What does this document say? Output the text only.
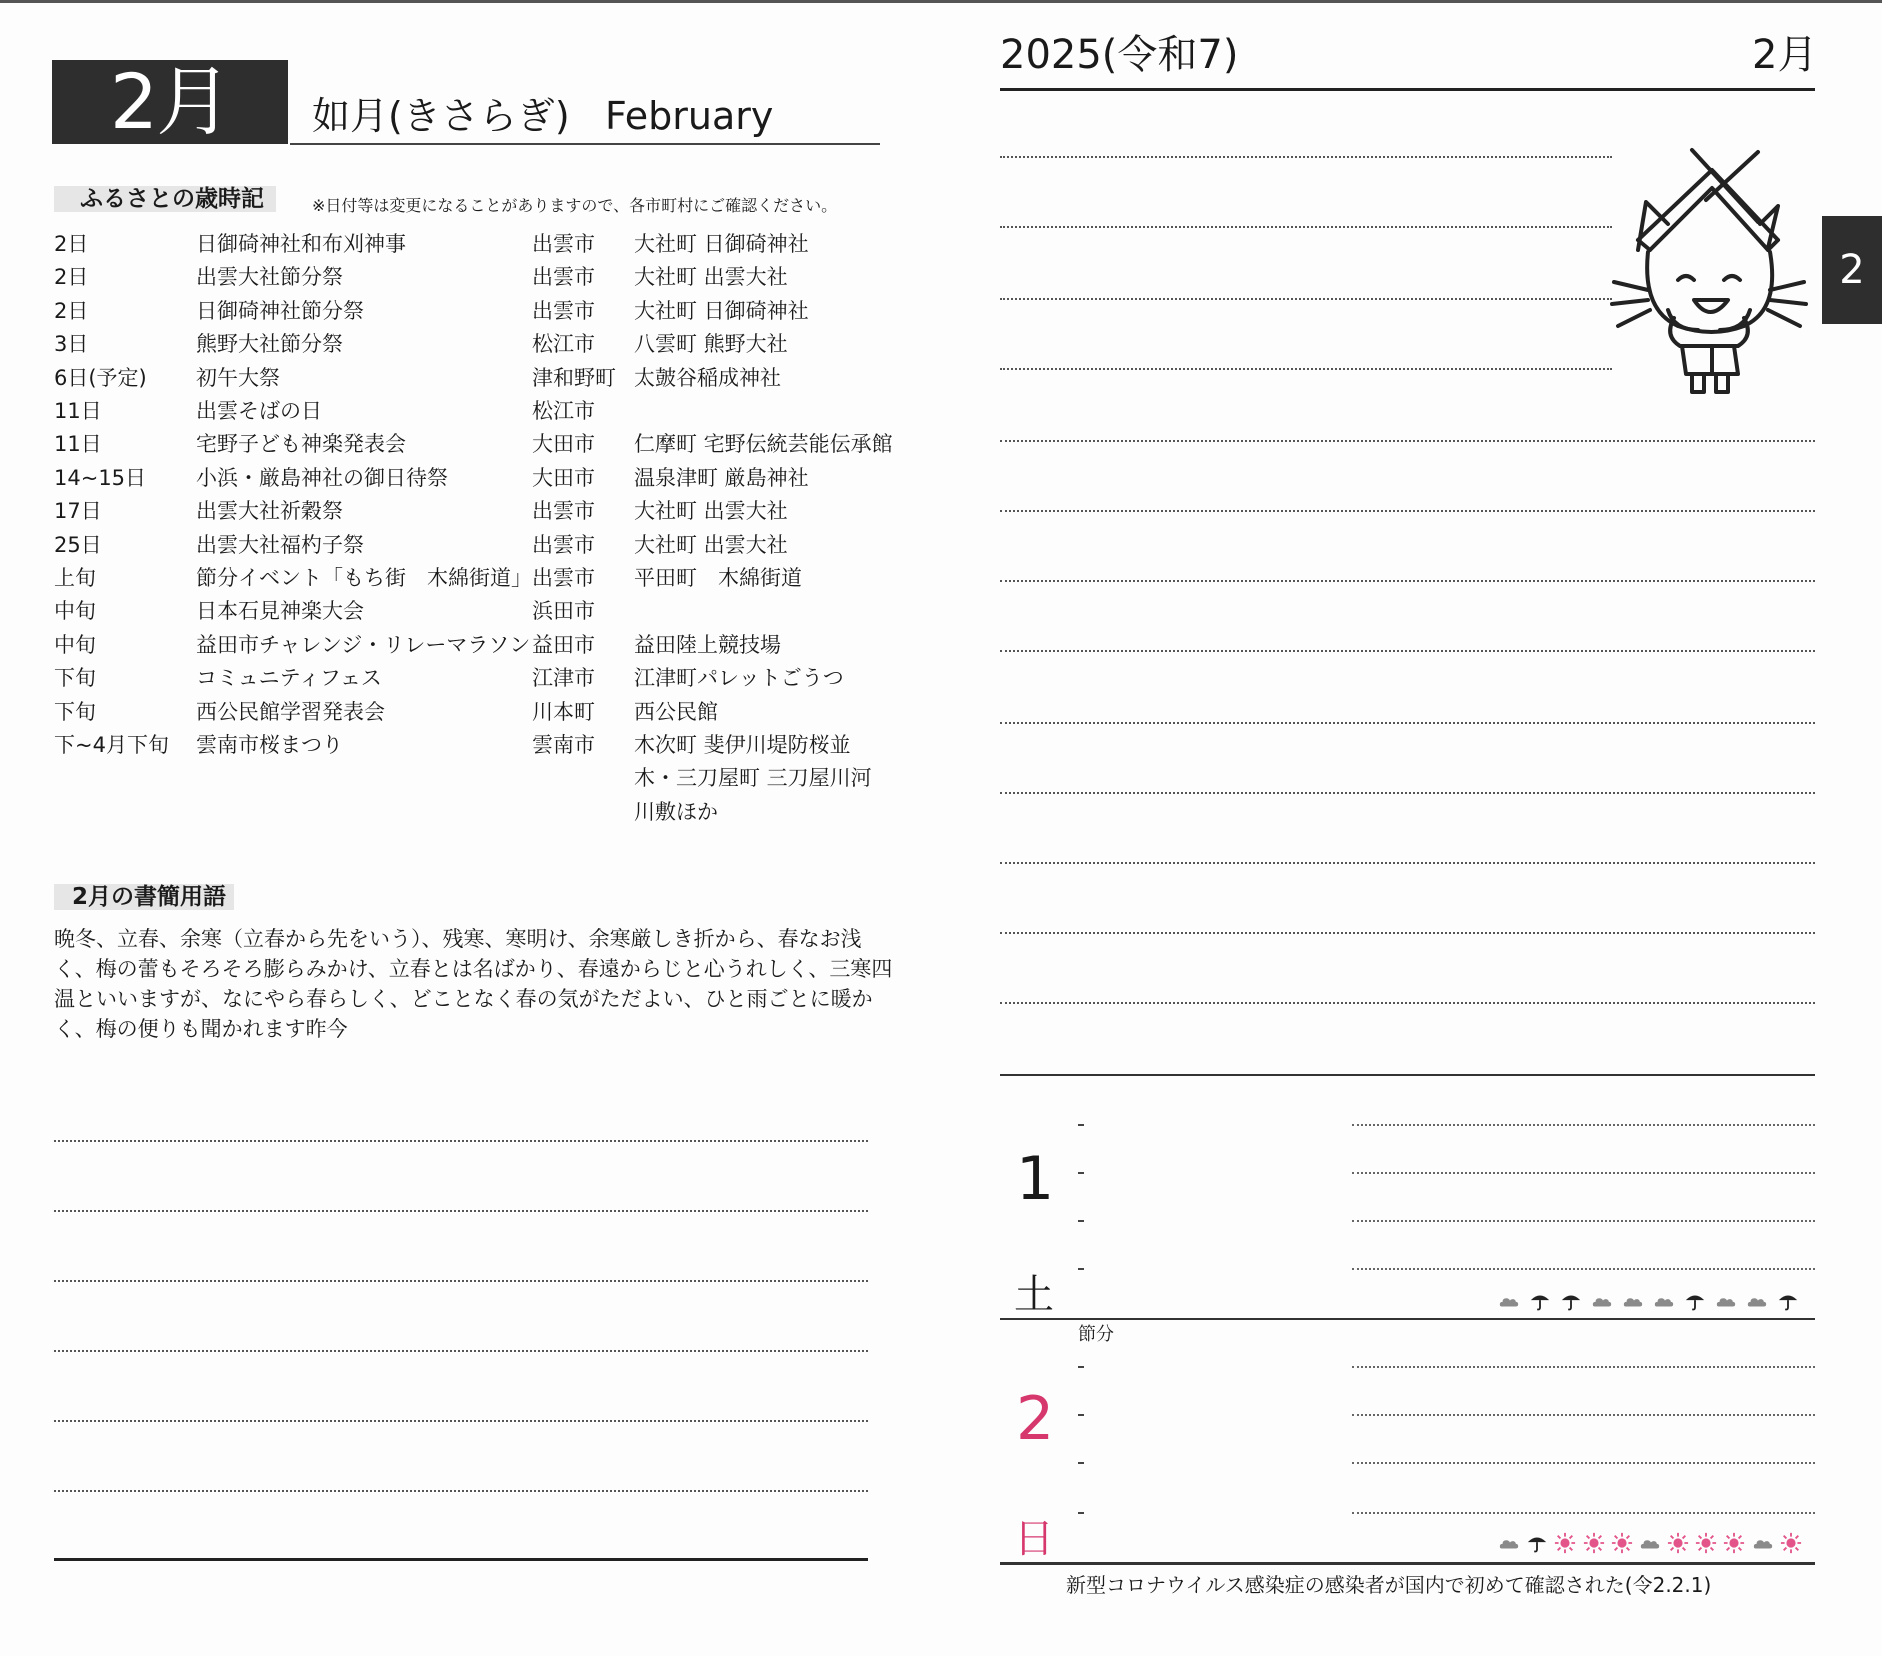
2月	如月(きさらぎ) February
ふるさとの歳時記	※日付等は変更になることがありますので、各市町村にご確認ください。
2日	日御碕神社和布刈神事	出雲市 大社町 日御碕神社
2日	出雲大社節分祭	出雲市 大社町 出雲大社
2日	日御碕神社節分祭	出雲市 大社町 日御碕神社
3日	熊野大社節分祭	松江市 八雲町 熊野大社
6日(予定) 初午大祭	津和野町 太皷谷稲成神社
11日	出雲そばの日	松江市
11日	宅野子ども神楽発表会	大田市 仁摩町 宅野伝統芸能伝承館
14~15日 小浜・厳島神社の御日待祭	大田市 温泉津町 厳島神社
17日	出雲大社祈穀祭	出雲市 大社町 出雲大社
25日	出雲大社福杓子祭	出雲市 大社町 出雲大社
上旬	節分イベント「もち街　木綿街道」 出雲市 平田町　木綿街道
中旬	日本石見神楽大会	浜田市
中旬	益田市チャレンジ・リレーマラソン 益田市 益田陸上競技場
下旬	コミュニティフェス	江津市 江津町パレットごうつ
下旬	西公民館学習発表会	川本町 西公民館
下~4月下旬 雲南市桜まつり	雲南市 木次町 斐伊川堤防桜並
木・三刀屋町 三刀屋川河
川敷ほか
2月の書簡用語
晩冬、立春、余寒（立春から先をいう）、残寒、寒明け、余寒厳しき折から、春なお浅く、梅の蕾もそろそろ膨らみかけ、立春とは名ばかり、春遠からじと心うれしく、三寒四温といいますが、なにやら春らしく、どことなく春の気がただよい、ひと雨ごとに暖かく、梅の便りも聞かれます昨今
2025(令和7)	2月
2
1
土
節分
2
日
新型コロナウイルス感染症の感染者が国内で初めて確認された(令2.2.1)
